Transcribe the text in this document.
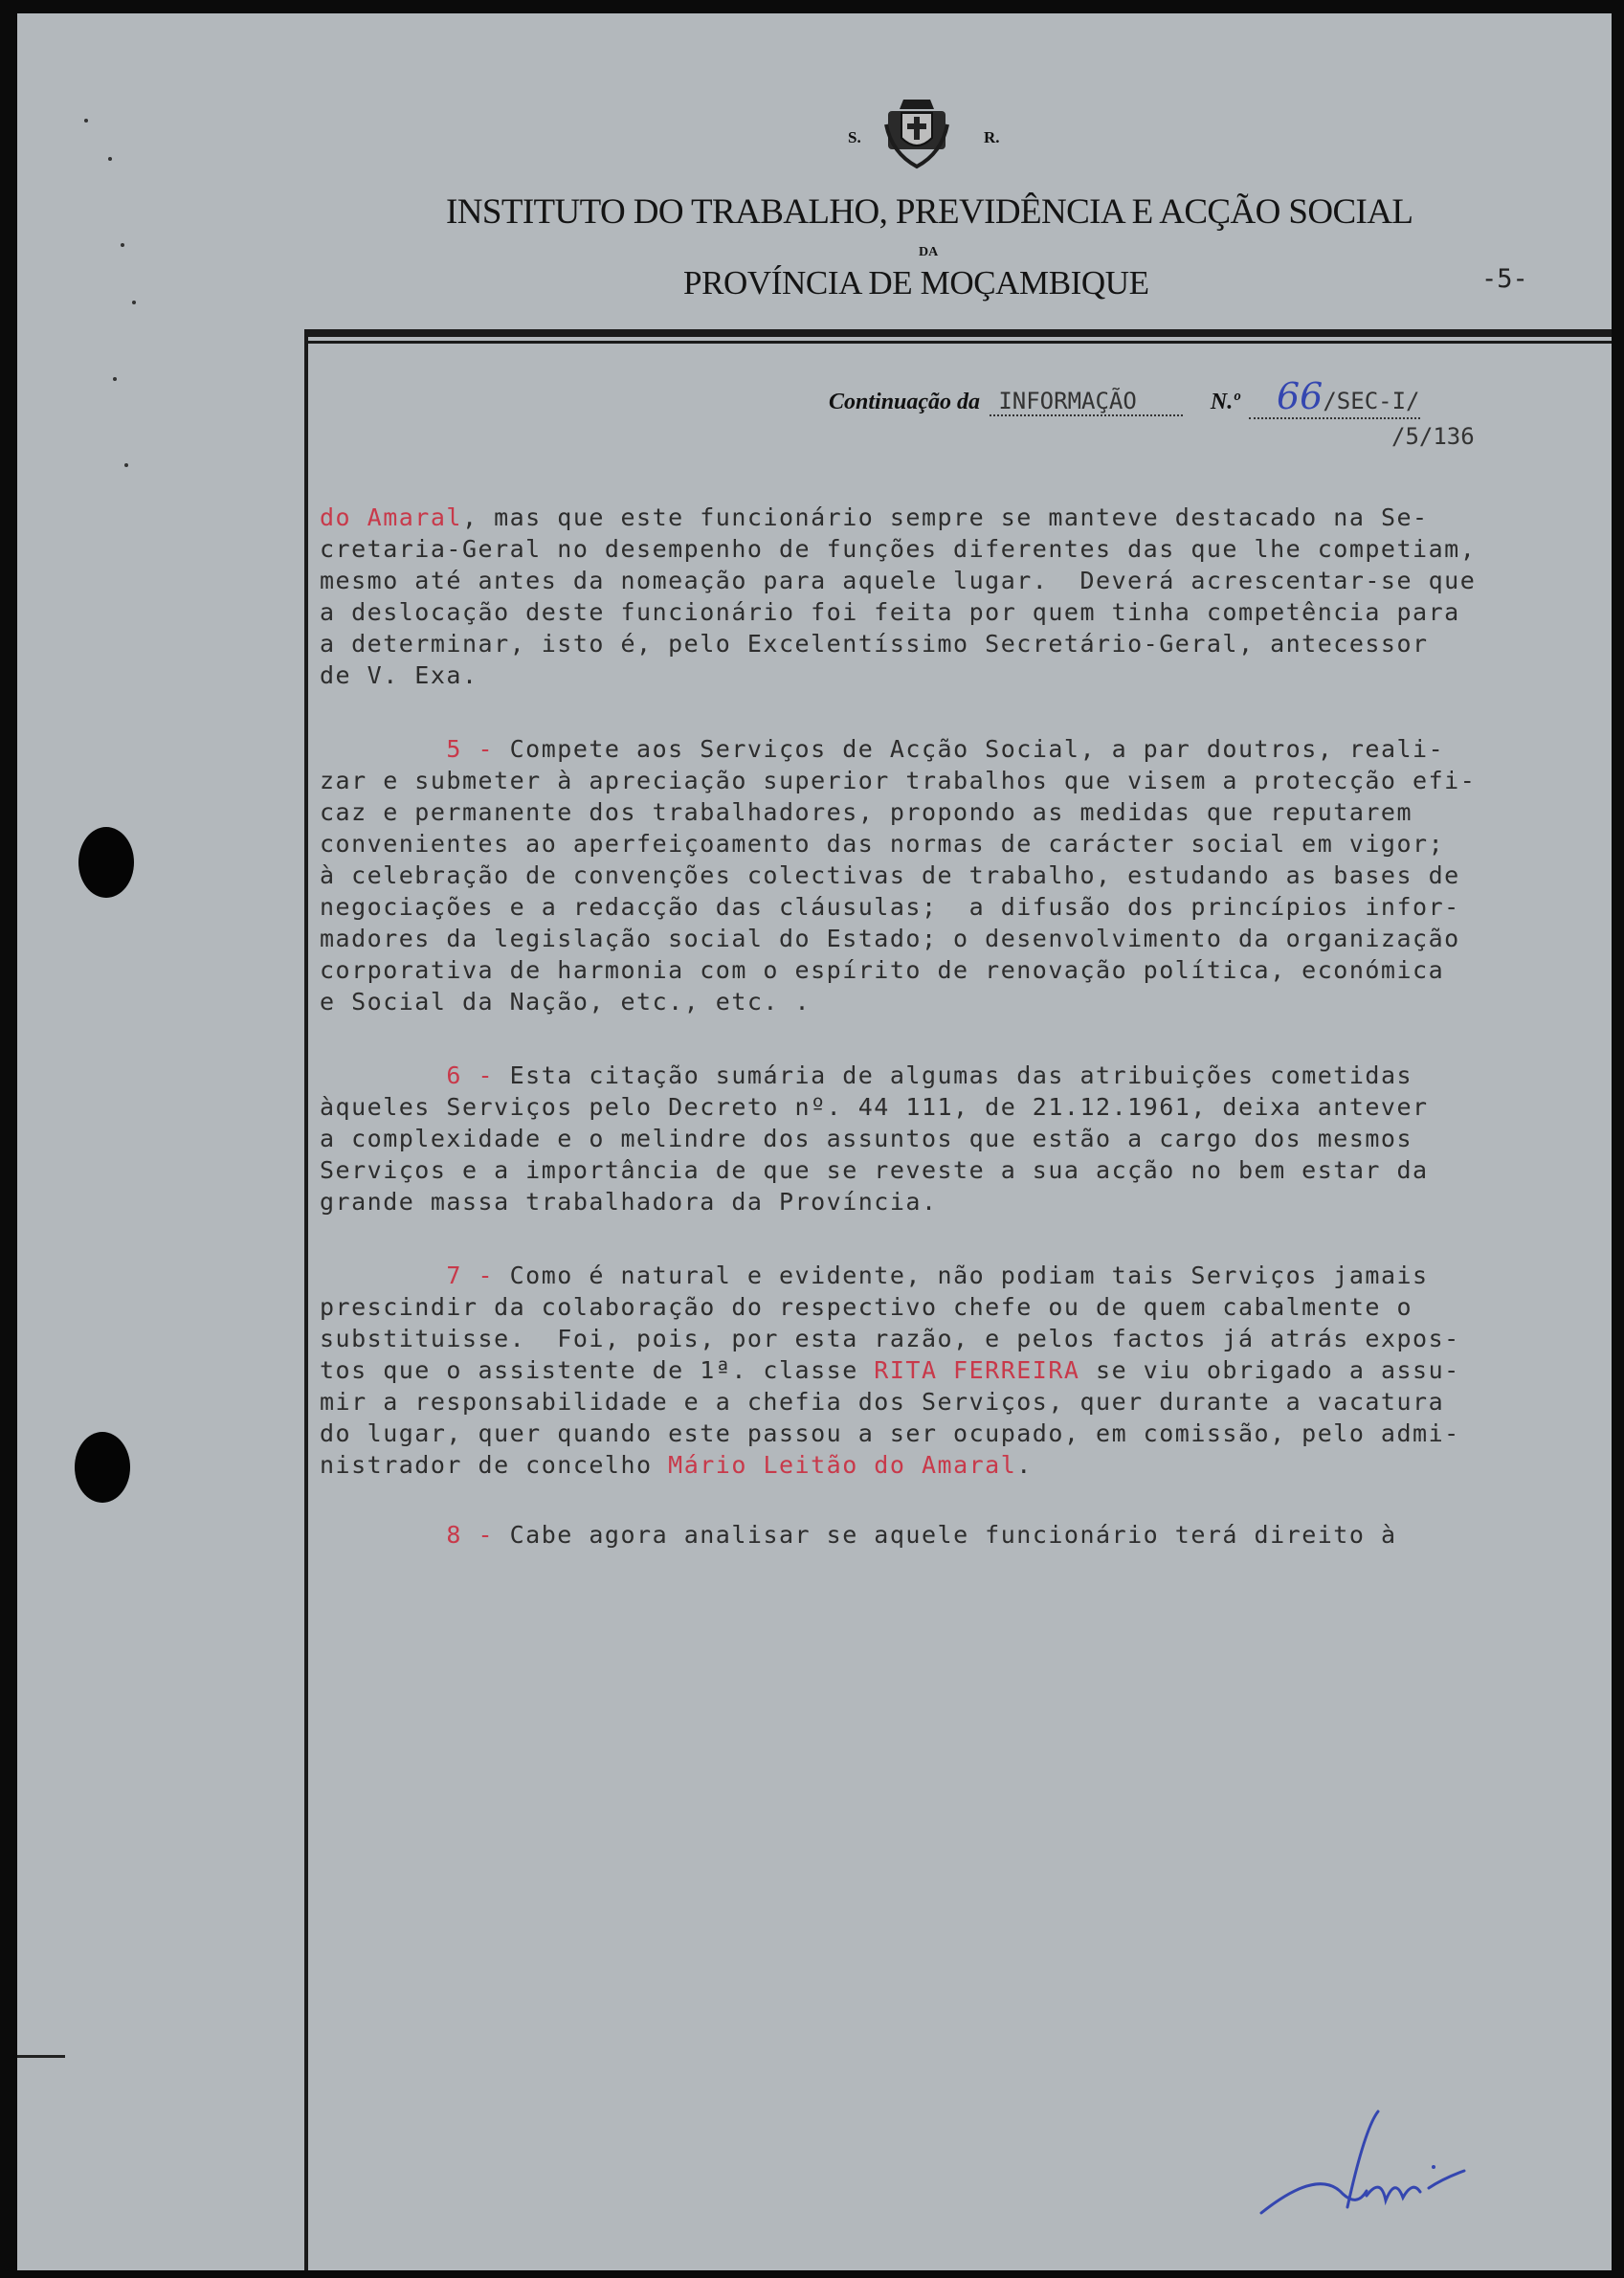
S.	R.
INSTITUTO DO TRABALHO, PREVIDÊNCIA E ACÇÃO SOCIAL
DA
PROVÍNCIA DE MOÇAMBIQUE	-5-
Continuação da INFORMAÇÃO	N.º 66/SEC-I/
/5/136

do Amaral, mas que este funcionário sempre se manteve destacado na Se-

cretaria-Geral no desempenho de funções diferentes das que lhe competiam,

mesmo até antes da nomeação para aquele lugar.  Deverá acrescentar-se que

a deslocação deste funcionário foi feita por quem tinha competência para

a determinar, isto é, pelo Excelentíssimo Secretário-Geral, antecessor

de V. Exa.

5 - Compete aos Serviços de Acção Social, a par doutros, reali-

zar e submeter à apreciação superior trabalhos que visem a protecção efi-

caz e permanente dos trabalhadores, propondo as medidas que reputarem

convenientes ao aperfeiçoamento das normas de carácter social em vigor;

à celebração de convenções colectivas de trabalho, estudando as bases de

negociações e a redacção das cláusulas;  a difusão dos princípios infor-

madores da legislação social do Estado; o desenvolvimento da organização

corporativa de harmonia com o espírito de renovação política, económica

e Social da Nação, etc., etc. .

6 - Esta citação sumária de algumas das atribuições cometidas

àqueles Serviços pelo Decreto nº. 44 111, de 21.12.1961, deixa antever

a complexidade e o melindre dos assuntos que estão a cargo dos mesmos

Serviços e a importância de que se reveste a sua acção no bem estar da

grande massa trabalhadora da Província.

7 - Como é natural e evidente, não podiam tais Serviços jamais

prescindir da colaboração do respectivo chefe ou de quem cabalmente o

substituisse.  Foi, pois, por esta razão, e pelos factos já atrás expos-

tos que o assistente de 1ª. classe RITA FERREIRA se viu obrigado a assu-

mir a responsabilidade e a chefia dos Serviços, quer durante a vacatura

do lugar, quer quando este passou a ser ocupado, em comissão, pelo admi-

nistrador de concelho Mário Leitão do Amaral.

8 - Cabe agora analisar se aquele funcionário terá direito à
